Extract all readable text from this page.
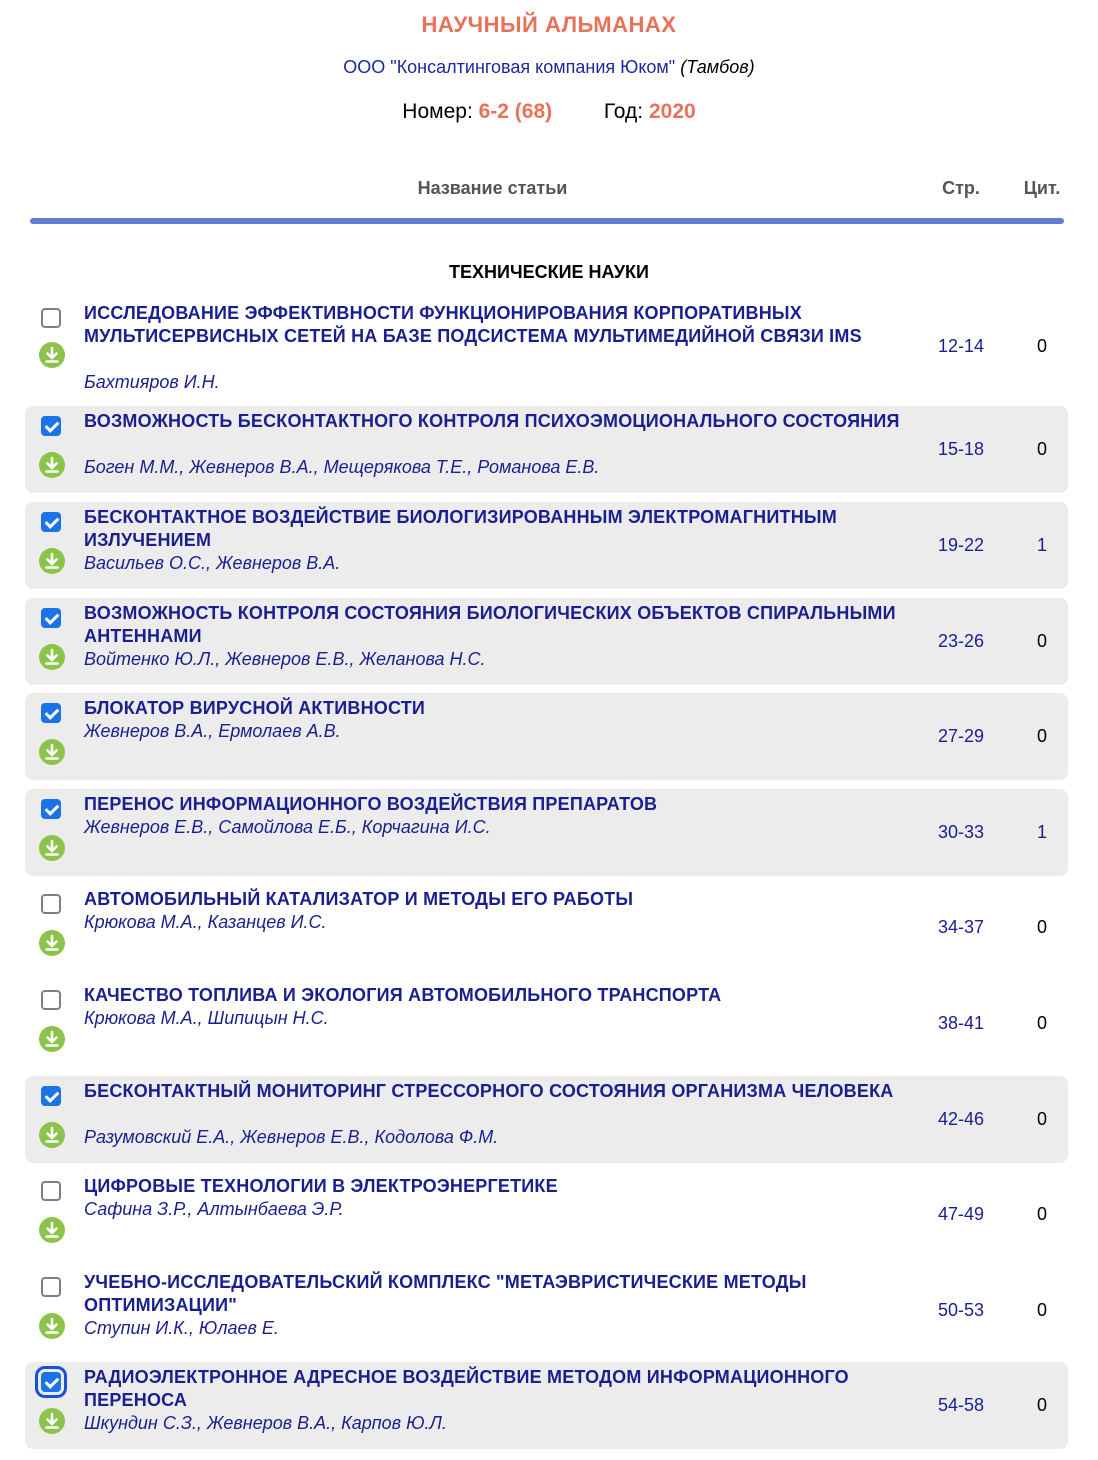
НАУЧНЫЙ АЛЬМАНАХ
ООО "Консалтинговая компания Юком" (Тамбов)
Номер: 6-2 (68) Год: 2020
Название статьи	Стр.	Цит.
ТЕХНИЧЕСКИЕ НАУКИ
ИССЛЕДОВАНИЕ ЭФФЕКТИВНОСТИ ФУНКЦИОНИРОВАНИЯ КОРПОРАТИВНЫХ МУЛЬТИСЕРВИСНЫХ СЕТЕЙ НА БАЗЕ ПОДСИСТЕМА МУЛЬТИМЕДИЙНОЙ СВЯЗИ IMS
Бахтияров И.Н.
12-14	0
ВОЗМОЖНОСТЬ БЕСКОНТАКТНОГО КОНТРОЛЯ ПСИХОЭМОЦИОНАЛЬНОГО СОСТОЯНИЯ
Боген М.М., Жевнеров В.А., Мещерякова Т.Е., Романова Е.В.
15-18	0
БЕСКОНТАКТНОЕ ВОЗДЕЙСТВИЕ БИОЛОГИЗИРОВАННЫМ ЭЛЕКТРОМАГНИТНЫМ ИЗЛУЧЕНИЕМ
Васильев О.С., Жевнеров В.А.
19-22	1
ВОЗМОЖНОСТЬ КОНТРОЛЯ СОСТОЯНИЯ БИОЛОГИЧЕСКИХ ОБЪЕКТОВ СПИРАЛЬНЫМИ АНТЕННАМИ
Войтенко Ю.Л., Жевнеров Е.В., Желанова Н.С.
23-26	0
БЛОКАТОР ВИРУСНОЙ АКТИВНОСТИ
Жевнеров В.А., Ермолаев А.В.	27-29	0
ПЕРЕНОС ИНФОРМАЦИОННОГО ВОЗДЕЙСТВИЯ ПРЕПАРАТОВ
Жевнеров Е.В., Самойлова Е.Б., Корчагина И.С.	30-33	1
АВТОМОБИЛЬНЫЙ КАТАЛИЗАТОР И МЕТОДЫ ЕГО РАБОТЫ
Крюкова М.А., Казанцев И.С.	34-37	0
КАЧЕСТВО ТОПЛИВА И ЭКОЛОГИЯ АВТОМОБИЛЬНОГО ТРАНСПОРТА
Крюкова М.А., Шипицын Н.С.	38-41	0
БЕСКОНТАКТНЫЙ МОНИТОРИНГ СТРЕССОРНОГО СОСТОЯНИЯ ОРГАНИЗМА ЧЕЛОВЕКА
Разумовский Е.А., Жевнеров Е.В., Кодолова Ф.М.
42-46	0
ЦИФРОВЫЕ ТЕХНОЛОГИИ В ЭЛЕКТРОЭНЕРГЕТИКЕ
Сафина З.Р., Алтынбаева Э.Р.	47-49	0
УЧЕБНО-ИССЛЕДОВАТЕЛЬСКИЙ КОМПЛЕКС "МЕТАЭВРИСТИЧЕСКИЕ МЕТОДЫ ОПТИМИЗАЦИИ"
Ступин И.К., Юлаев Е.
50-53	0
РАДИОЭЛЕКТРОННОЕ АДРЕСНОЕ ВОЗДЕЙСТВИЕ МЕТОДОМ ИНФОРМАЦИОННОГО ПЕРЕНОСА
Шкундин С.З., Жевнеров В.А., Карпов Ю.Л.
54-58	0
